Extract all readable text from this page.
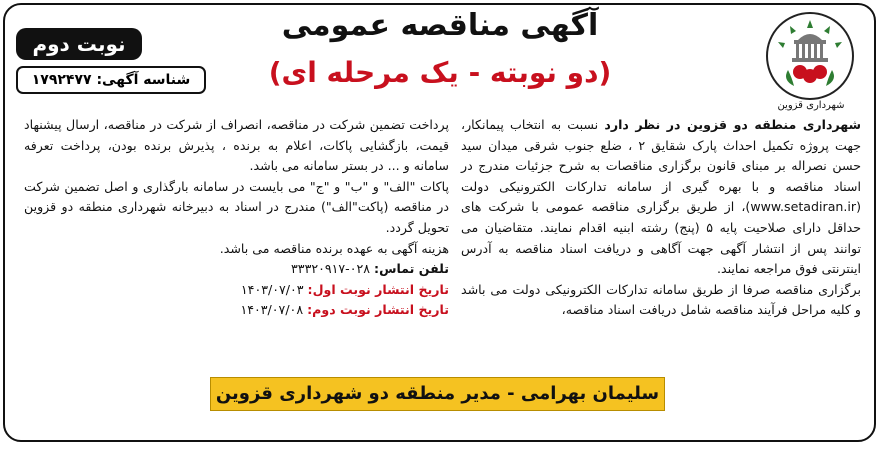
شهرداری قزوین
نوبت دوم
شناسه آگهی: ۱۷۹۲۴۷۷
آگهی مناقصه عمومی
(دو نوبته - یک مرحله ای)

شهرداری منطقه دو قزوین در نظر دارد نسبت به انتخاب پیمانکار، جهت پروژه تکمیل احداث پارک شقایق ۲ ، ضلع جنوب شرقی میدان سید حسن نصراله بر مبنای قانون برگزاری مناقصات به شرح جزئیات مندرج در اسناد مناقصه و با بهره گیری از سامانه تدارکات الکترونیکی دولت (www.setadiran.ir)، از طریق برگزاری مناقصه عمومی با شرکت های حداقل دارای صلاحیت پایه ۵ (پنج) رشته ابنیه اقدام نمایند. متقاضیان می توانند پس از انتشار آگهی جهت آگاهی و دریافت اسناد مناقصه به آدرس اینترنتی فوق مراجعه نمایند.

برگزاری مناقصه صرفا از طریق سامانه تدارکات الکترونیکی دولت می باشد و کلیه مراحل فرآیند مناقصه شامل دریافت اسناد مناقصه،

پرداخت تضمین شرکت در مناقصه، انصراف از شرکت در مناقصه، ارسال پیشنهاد قیمت، بازگشایی پاکات، اعلام به برنده ، پذیرش برنده بودن، پرداخت تعرفه سامانه و ... در بستر سامانه می باشد.

پاکات "الف" و "ب" و "ج" می بایست در سامانه بارگذاری و اصل تضمین شرکت در مناقصه (پاکت"الف") مندرج در اسناد به دبیرخانه شهرداری منطقه دو قزوین تحویل گردد.

هزینه آگهی به عهده برنده مناقصه می باشد.

تلفن تماس: ۰۲۸-۳۳۳۲۰۹۱۷

تاریخ انتشار نوبت اول: ۱۴۰۳/۰۷/۰۳

تاریخ انتشار نوبت دوم: ۱۴۰۳/۰۷/۰۸

سلیمان بهرامی - مدیر منطقه دو شهرداری قزوین
